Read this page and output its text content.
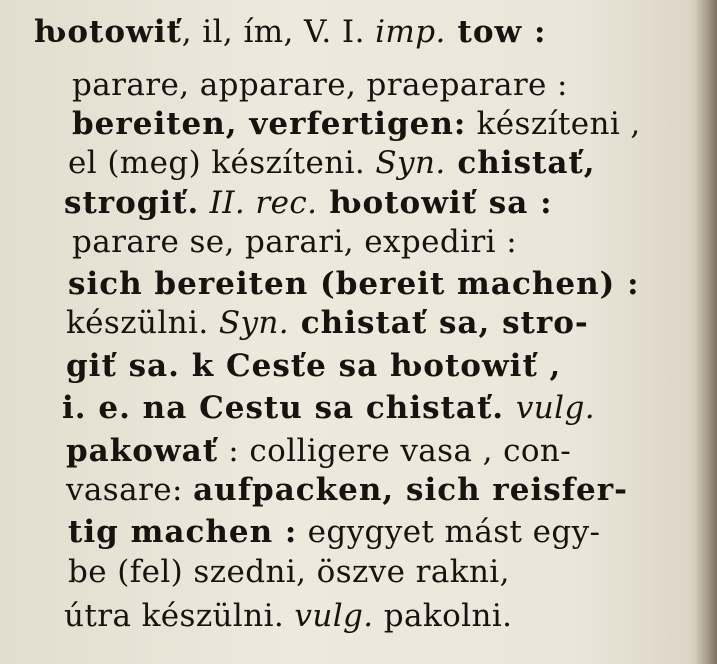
ƕotowiť, il, ím, V. I. imp. tow :
parare, apparare, praeparare :
bereiten, verfertigen: készíteni ,
el (meg) készíteni. Syn. chistať,
strogiť. II. rec. ƕotowiť sa :
parare se, parari, expediri :
sich bereiten (bereit machen) :
készülni. Syn. chistať sa, stro-
giť sa. k Cesťe sa ƕotowiť ,
i. e. na Cestu sa chistať. vulg.
pakowať : colligere vasa , con-
vasare: aufpacken, sich reisfer-
tig machen : egygyet mást egy-
be (fel) szedni, öszve rakni,
útra készülni. vulg. pakolni.
